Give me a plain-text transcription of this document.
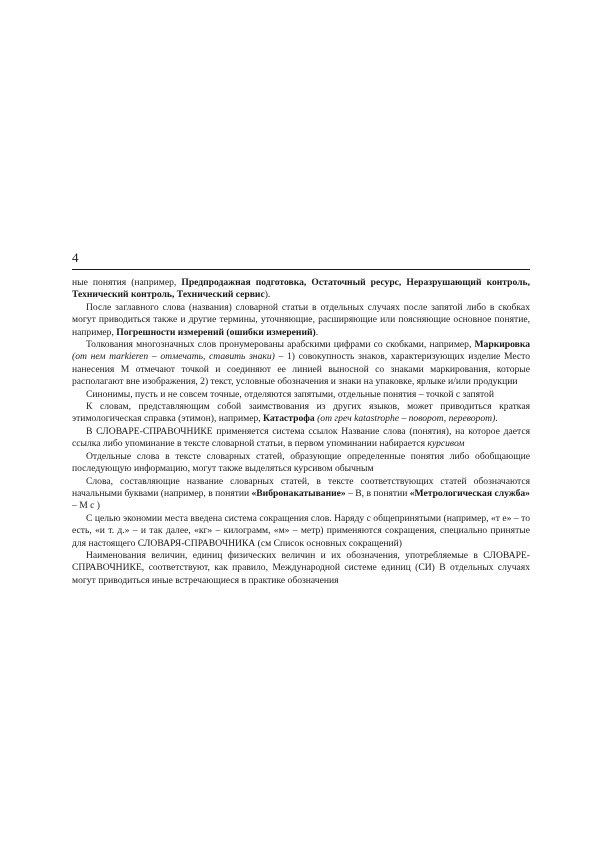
4

ные понятия (например, Предпродажная подготовка, Остаточный ресурс, Неразрушающий контроль, Технический контроль, Технический сервис).

После заглавного слова (названия) словарной статьи в отдельных случаях после запятой либо в скобках могут приводиться также и другие термины, уточняющие, расширяющие или поясняющие основное понятие, например, Погрешности измерений (ошибки измерений).

Толкования многозначных слов пронумерованы арабскими цифрами со скобками, например, Маркировка (от нем markieren – отмечать, ставить знаки) – 1) совокупность знаков, характеризующих изделие Место нанесения М отмечают точкой и соединяют ее линией выносной со знаками маркирования, которые располагают вне изображения, 2) текст, условные обозначения и знаки на упаковке, ярлыке и/или продукции

Синонимы, пусть и не совсем точные, отделяются запятыми, отдельные понятия – точкой с запятой

К словам, представляющим собой заимствования из других языков, может приводиться краткая этимологическая справка (этимон), например, Катастрофа (от греч katastrophe – поворот, переворот).

В СЛОВАРЕ-СПРАВОЧНИКЕ применяется система ссылок Название слова (понятия), на которое дается ссылка либо упоминание в тексте словарной статьи, в первом упоминании набирается курсивом

Отдельные слова в тексте словарных статей, образующие определенные понятия либо обобщающие последующую информацию, могут также выделяться курсивом обычным

Слова, составляющие название словарных статей, в тексте соответствующих статей обозначаются начальными буквами (например, в понятии «Вибронакатывание» – В, в понятии «Метрологическая служба» – М с )

С целью экономии места введена система сокращения слов. Наряду с общепринятыми (например, «т е» – то есть, «и т. д.» – и так далее, «кг» – килограмм, «м» – метр) применяются сокращения, специально принятые для настоящего СЛОВАРЯ-СПРАВОЧНИКА (см Список основных сокращений)

Наименования величин, единиц физических величин и их обозначения, употребляемые в СЛОВАРЕ-СПРАВОЧНИКЕ, соответствуют, как правило, Международной системе единиц (СИ) В отдельных случаях могут приводиться иные встречающиеся в практике обозначения
